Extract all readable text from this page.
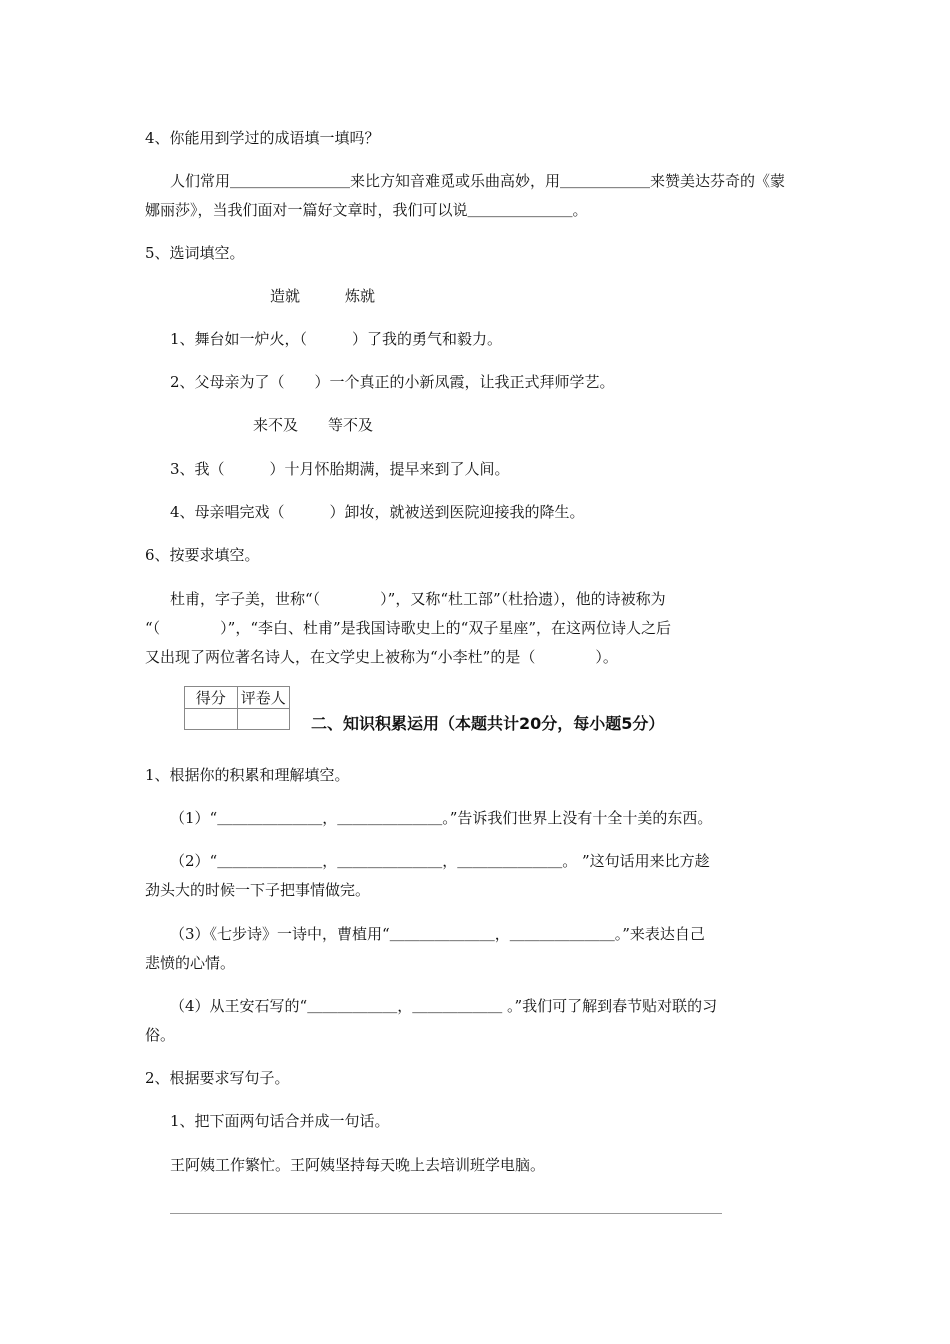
4、你能用到学过的成语填一填吗？
人们常用＿＿＿＿＿＿＿＿来比方知音难觅或乐曲高妙，用＿＿＿＿＿＿来赞美达芬奇的《蒙
娜丽莎》，当我们面对一篇好文章时，我们可以说＿＿＿＿＿＿＿。
5、选词填空。
造就　　　炼就
1、舞台如一炉火，（　　　）了我的勇气和毅力。
2、父母亲为了（　　）一个真正的小新凤霞，让我正式拜师学艺。
来不及　　等不及
3、我（　　　）十月怀胎期满，提早来到了人间。
4、母亲唱完戏（　　　）卸妆，就被送到医院迎接我的降生。
6、按要求填空。
杜甫，字子美，世称“（　　　　）”，又称“杜工部”（杜拾遗），他的诗被称为
“（　　　　）”，“李白、杜甫”是我国诗歌史上的“双子星座”，在这两位诗人之后
又出现了两位著名诗人，在文学史上被称为“小李杜”的是（　　　　）。
1、根据你的积累和理解填空。
（1）“＿＿＿＿＿＿＿，＿＿＿＿＿＿＿。”告诉我们世界上没有十全十美的东西。
（2）“＿＿＿＿＿＿＿，＿＿＿＿＿＿＿，＿＿＿＿＿＿＿。 ”这句话用来比方趁
劲头大的时候一下子把事情做完。
（3）《七步诗》一诗中，曹植用“＿＿＿＿＿＿＿，＿＿＿＿＿＿＿。”来表达自己
悲愤的心情。
（4）从王安石写的“＿＿＿＿＿＿，＿＿＿＿＿＿ 。”我们可了解到春节贴对联的习
俗。
2、根据要求写句子。
1、把下面两句话合并成一句话。
王阿姨工作繁忙。王阿姨坚持每天晚上去培训班学电脑。
得分	评卷人

二、知识积累运用（本题共计20分，每小题5分）
